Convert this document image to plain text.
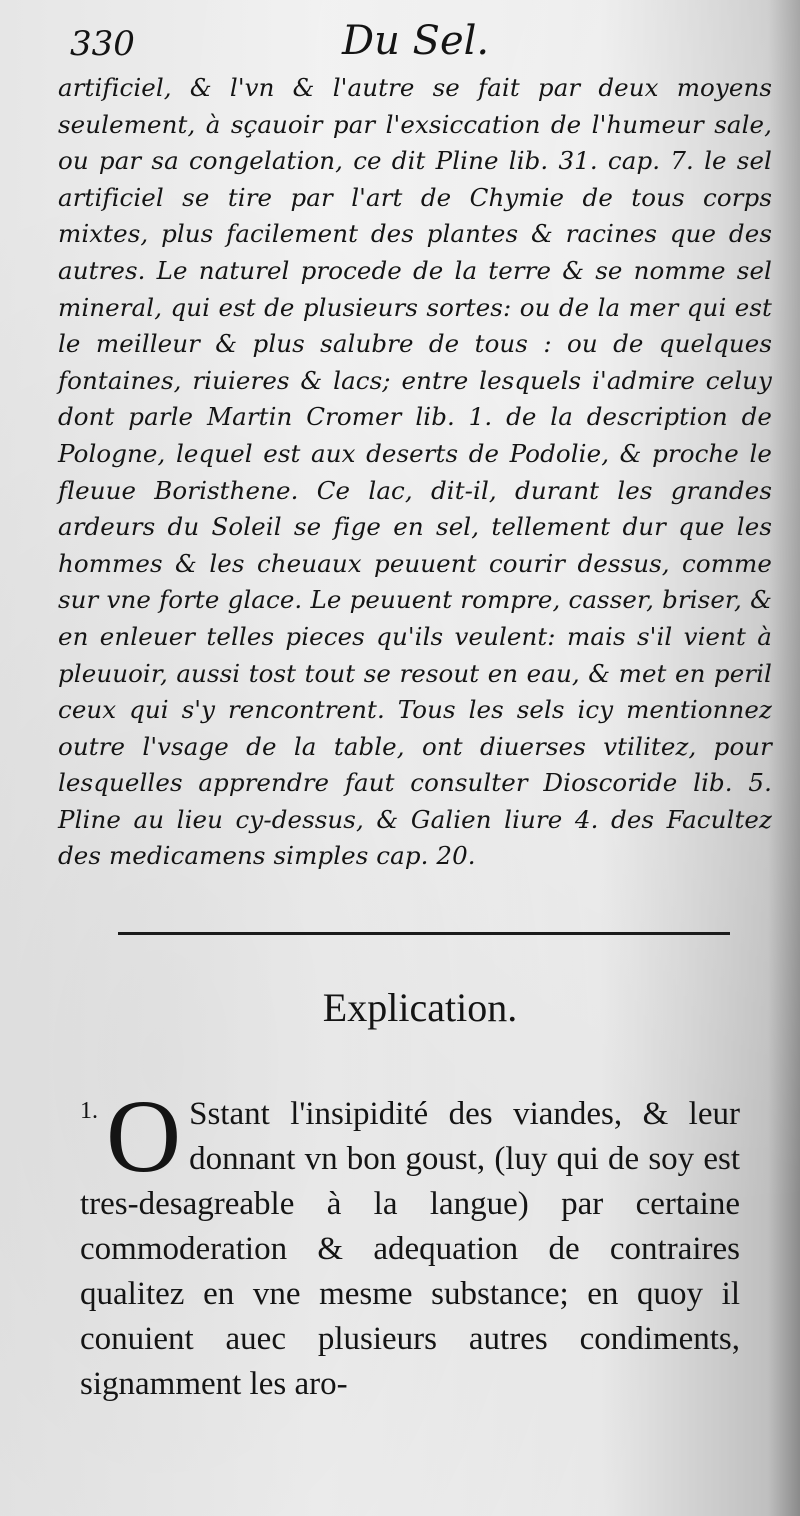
330	Du Sel.

artificiel, & l'vn & l'autre se fait par deux moyens seulement, à sçauoir par l'exsiccation de l'humeur sale, ou par sa congelation, ce dit Pline lib. 31. cap. 7. le sel artificiel se tire par l'art de Chymie de tous corps mixtes, plus facilement des plantes & racines que des autres. Le naturel procede de la terre & se nomme sel mineral, qui est de plusieurs sortes: ou de la mer qui est le meilleur & plus salubre de tous : ou de quelques fontaines, riuieres & lacs; entre lesquels i'admire celuy dont parle Martin Cromer lib. 1. de la description de Pologne, lequel est aux deserts de Podolie, & proche le fleuue Boristhene. Ce lac, dit-il, durant les grandes ardeurs du Soleil se fige en sel, tellement dur que les hommes & les cheuaux peuuent courir dessus, comme sur vne forte glace. Le peuuent rompre, casser, briser, & en enleuer telles pieces qu'ils veulent: mais s'il vient à pleuuoir, aussi tost tout se resout en eau, & met en peril ceux qui s'y rencontrent. Tous les sels icy mentionnez outre l'vsage de la table, ont diuerses vtilitez, pour lesquelles apprendre faut consulter Dioscoride lib. 5. Pline au lieu cy-dessus, & Galien liure 4. des Facultez des medicamens simples cap. 20.

Explication.
1. O Sstant l'insipidité des viandes, & leur donnant vn bon goust, (luy qui de soy est tres-desagreable à la langue) par certaine commoderation & adequation de contraires qualitez en vne mesme substance; en quoy il conuient auec plusieurs autres condiments, signamment les aro-
